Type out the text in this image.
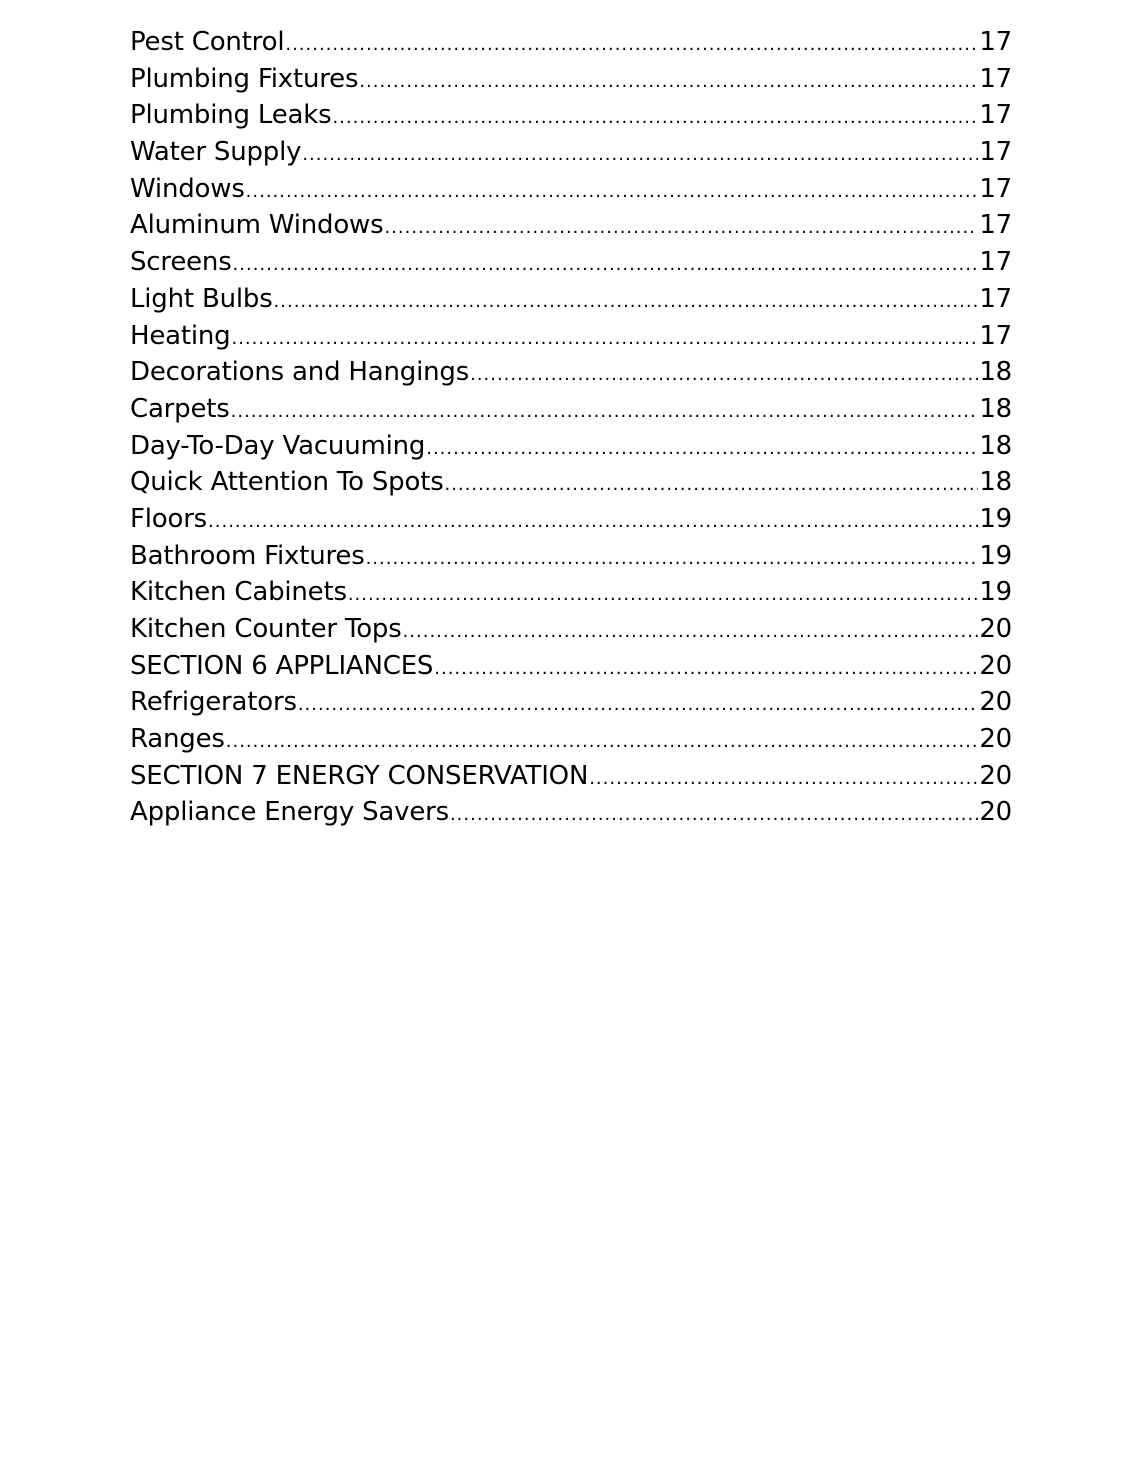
Pest Control .....	17
Plumbing Fixtures .....	17
Plumbing Leaks .....	17
Water Supply .....	17
Windows .....	17
Aluminum Windows .....	17
Screens .....	17
Light Bulbs .....	17
Heating .....	17
Decorations and Hangings .....	18
Carpets .....	18
Day-To-Day Vacuuming .....	18
Quick Attention To Spots .....	18
Floors .....	19
Bathroom Fixtures .....	19
Kitchen Cabinets .....	19
Kitchen Counter Tops .....	20
SECTION 6 APPLIANCES .....	20
Refrigerators .....	20
Ranges .....	20
SECTION 7 ENERGY CONSERVATION .....	20
Appliance Energy Savers .....	20
